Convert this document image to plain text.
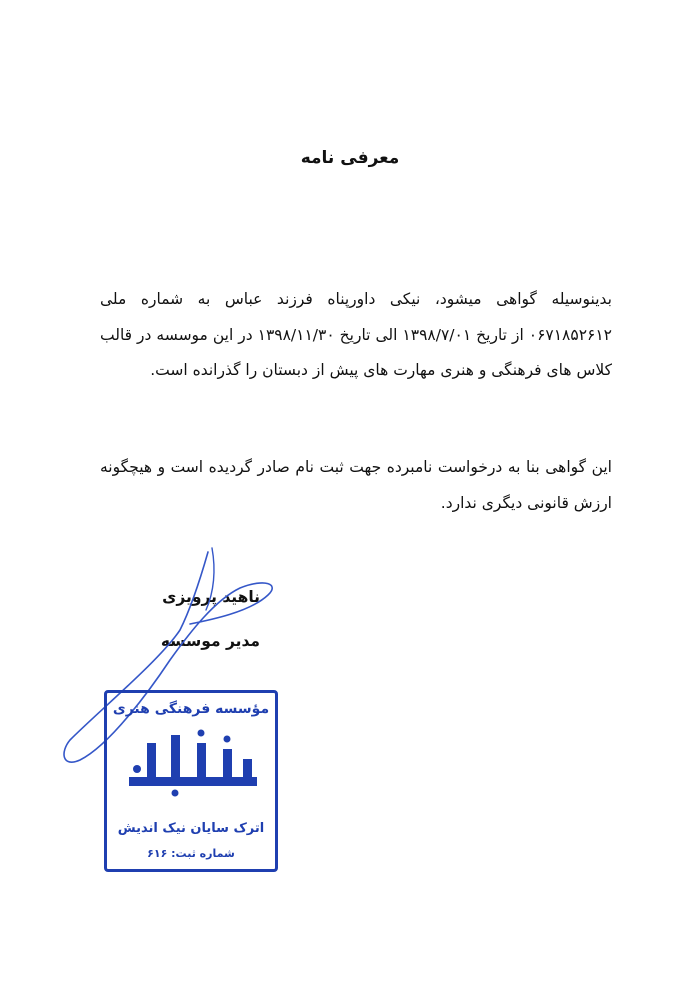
معرفی نامه

بدینوسیله گواهی میشود، نیکی داورپناه فرزند عباس به شماره ملی ۰۶۷۱۸۵۲۶۱۲ از تاریخ ۱۳۹۸/۷/۰۱ الی تاریخ ۱۳۹۸/۱۱/۳۰ در این موسسه در قالب کلاس های فرهنگی و هنری مهارت های پیش از دبستان را گذرانده است.

این گواهی بنا به درخواست نامبرده جهت ثبت نام صادر گردیده است و هیچگونه ارزش قانونی دیگری ندارد.

ناهید پرویزی
مدیر موسسه
مؤسسه فرهنگی هنری
اترک سایان نیک اندیش
شماره ثبت: ۶۱۶
